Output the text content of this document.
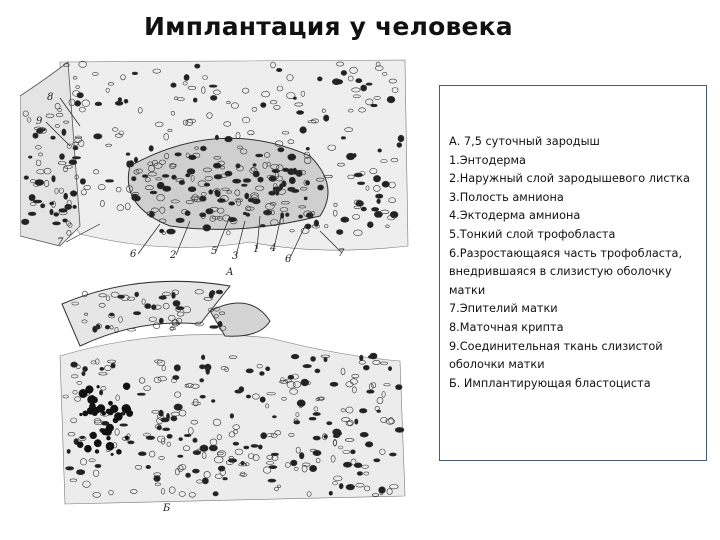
Имплантация у человека
8
9
7
6	2	5 3
1 4
6
7
А
Б

А. 7,5 суточный зародыш

1.Энтодерма

2.Наружный слой зародышевого листка

3.Полость амниона

4.Эктодерма амниона

5.Тонкий слой трофобласта

6.Разростающаяся часть трофобласта, внедрившаяся в слизистую оболочку матки

7.Эпителий матки

8.Маточная крипта

9.Соединительная ткань слизистой оболочки матки

Б. Имплантирующая бластоциста
